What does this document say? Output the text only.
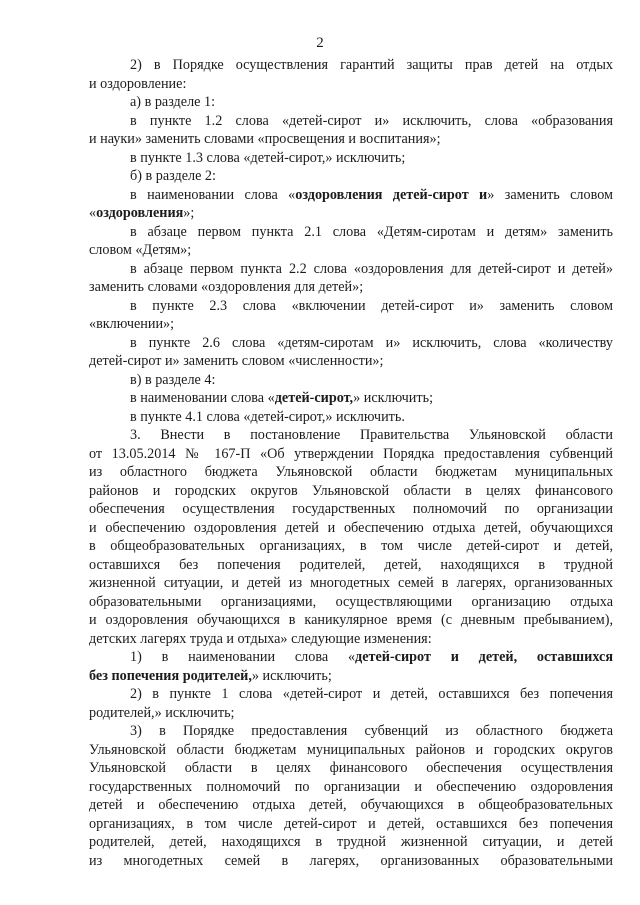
2
2) в Порядке осуществления гарантий защиты прав детей на отдых
и оздоровление:
а) в разделе 1:
в пункте 1.2 слова «детей-сирот и» исключить, слова «образования
и науки» заменить словами «просвещения и воспитания»;
в пункте 1.3 слова «детей-сирот,» исключить;
б) в разделе 2:
в наименовании слова «оздоровления детей-сирот и» заменить словом
«оздоровления»;
в абзаце первом пункта 2.1 слова «Детям-сиротам и детям» заменить
словом «Детям»;
в абзаце первом пункта 2.2 слова «оздоровления для детей-сирот и детей»
заменить словами «оздоровления для детей»;
в пункте 2.3 слова «включении детей-сирот и» заменить словом
«включении»;
в пункте 2.6 слова «детям-сиротам и» исключить, слова «количеству
детей-сирот и» заменить словом «численности»;
в) в разделе 4:
в наименовании слова «детей-сирот,» исключить;
в пункте 4.1 слова «детей-сирот,» исключить.
3. Внести в постановление Правительства Ульяновской области
от 13.05.2014 № 167-П «Об утверждении Порядка предоставления субвенций
из областного бюджета Ульяновской области бюджетам муниципальных
районов и городских округов Ульяновской области в целях финансового
обеспечения осуществления государственных полномочий по организации
и обеспечению оздоровления детей и обеспечению отдыха детей, обучающихся
в общеобразовательных организациях, в том числе детей-сирот и детей,
оставшихся без попечения родителей, детей, находящихся в трудной
жизненной ситуации, и детей из многодетных семей в лагерях, организованных
образовательными организациями, осуществляющими организацию отдыха
и оздоровления обучающихся в каникулярное время (с дневным пребыванием),
детских лагерях труда и отдыха» следующие изменения:
1) в наименовании слова «детей-сирот и детей, оставшихся
без попечения родителей,» исключить;
2) в пункте 1 слова «детей-сирот и детей, оставшихся без попечения
родителей,» исключить;
3) в Порядке предоставления субвенций из областного бюджета
Ульяновской области бюджетам муниципальных районов и городских округов
Ульяновской области в целях финансового обеспечения осуществления
государственных полномочий по организации и обеспечению оздоровления
детей и обеспечению отдыха детей, обучающихся в общеобразовательных
организациях, в том числе детей-сирот и детей, оставшихся без попечения
родителей, детей, находящихся в трудной жизненной ситуации, и детей
из многодетных семей в лагерях, организованных образовательными
